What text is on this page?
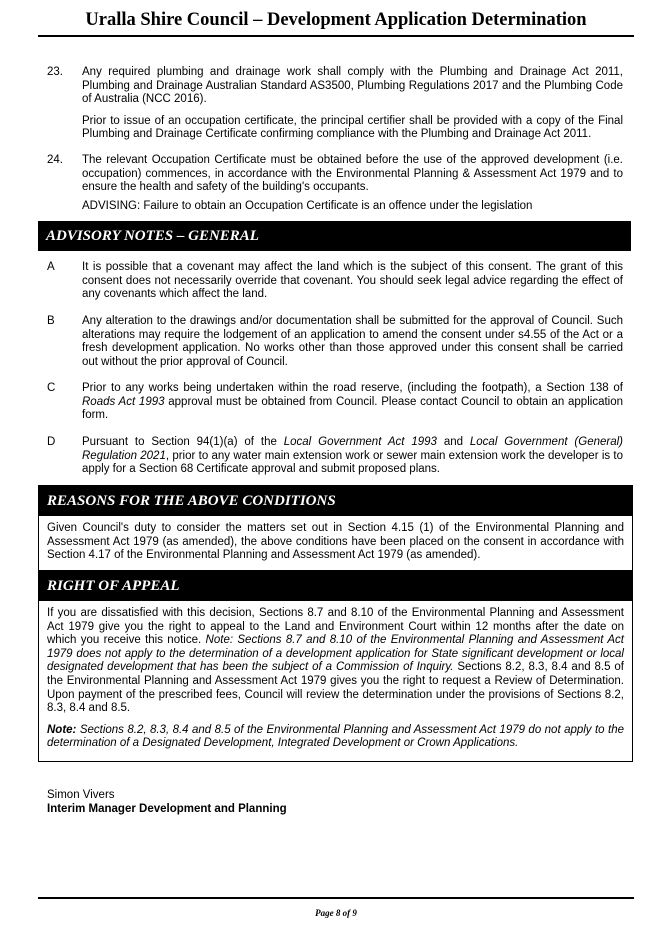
Uralla Shire Council – Development Application Determination
23.	Any required plumbing and drainage work shall comply with the Plumbing and Drainage Act 2011, Plumbing and Drainage Australian Standard AS3500, Plumbing Regulations 2017 and the Plumbing Code of Australia (NCC 2016).
Prior to issue of an occupation certificate, the principal certifier shall be provided with a copy of the Final Plumbing and Drainage Certificate confirming compliance with the Plumbing and Drainage Act 2011.
24.	The relevant Occupation Certificate must be obtained before the use of the approved development (i.e. occupation) commences, in accordance with the Environmental Planning & Assessment Act 1979 and to ensure the health and safety of the building's occupants.
ADVISING: Failure to obtain an Occupation Certificate is an offence under the legislation
ADVISORY NOTES – GENERAL
A	It is possible that a covenant may affect the land which is the subject of this consent. The grant of this consent does not necessarily override that covenant. You should seek legal advice regarding the effect of any covenants which affect the land.
B	Any alteration to the drawings and/or documentation shall be submitted for the approval of Council. Such alterations may require the lodgement of an application to amend the consent under s4.55 of the Act or a fresh development application. No works other than those approved under this consent shall be carried out without the prior approval of Council.
C	Prior to any works being undertaken within the road reserve, (including the footpath), a Section 138 of Roads Act 1993 approval must be obtained from Council. Please contact Council to obtain an application form.
D	Pursuant to Section 94(1)(a) of the Local Government Act 1993 and Local Government (General) Regulation 2021, prior to any water main extension work or sewer main extension work the developer is to apply for a Section 68 Certificate approval and submit proposed plans.
REASONS FOR THE ABOVE CONDITIONS
Given Council's duty to consider the matters set out in Section 4.15 (1) of the Environmental Planning and Assessment Act 1979 (as amended), the above conditions have been placed on the consent in accordance with Section 4.17 of the Environmental Planning and Assessment Act 1979 (as amended).
RIGHT OF APPEAL

If you are dissatisfied with this decision, Sections 8.7 and 8.10 of the Environmental Planning and Assessment Act 1979 give you the right to appeal to the Land and Environment Court within 12 months after the date on which you receive this notice. Note: Sections 8.7 and 8.10 of the Environmental Planning and Assessment Act 1979 does not apply to the determination of a development application for State significant development or local designated development that has been the subject of a Commission of Inquiry. Sections 8.2, 8.3, 8.4 and 8.5 of the Environmental Planning and Assessment Act 1979 gives you the right to request a Review of Determination. Upon payment of the prescribed fees, Council will review the determination under the provisions of Sections 8.2, 8.3, 8.4 and 8.5.

Note: Sections 8.2, 8.3, 8.4 and 8.5 of the Environmental Planning and Assessment Act 1979 do not apply to the determination of a Designated Development, Integrated Development or Crown Applications.

Simon Vivers
Interim Manager Development and Planning
Page 8 of 9
